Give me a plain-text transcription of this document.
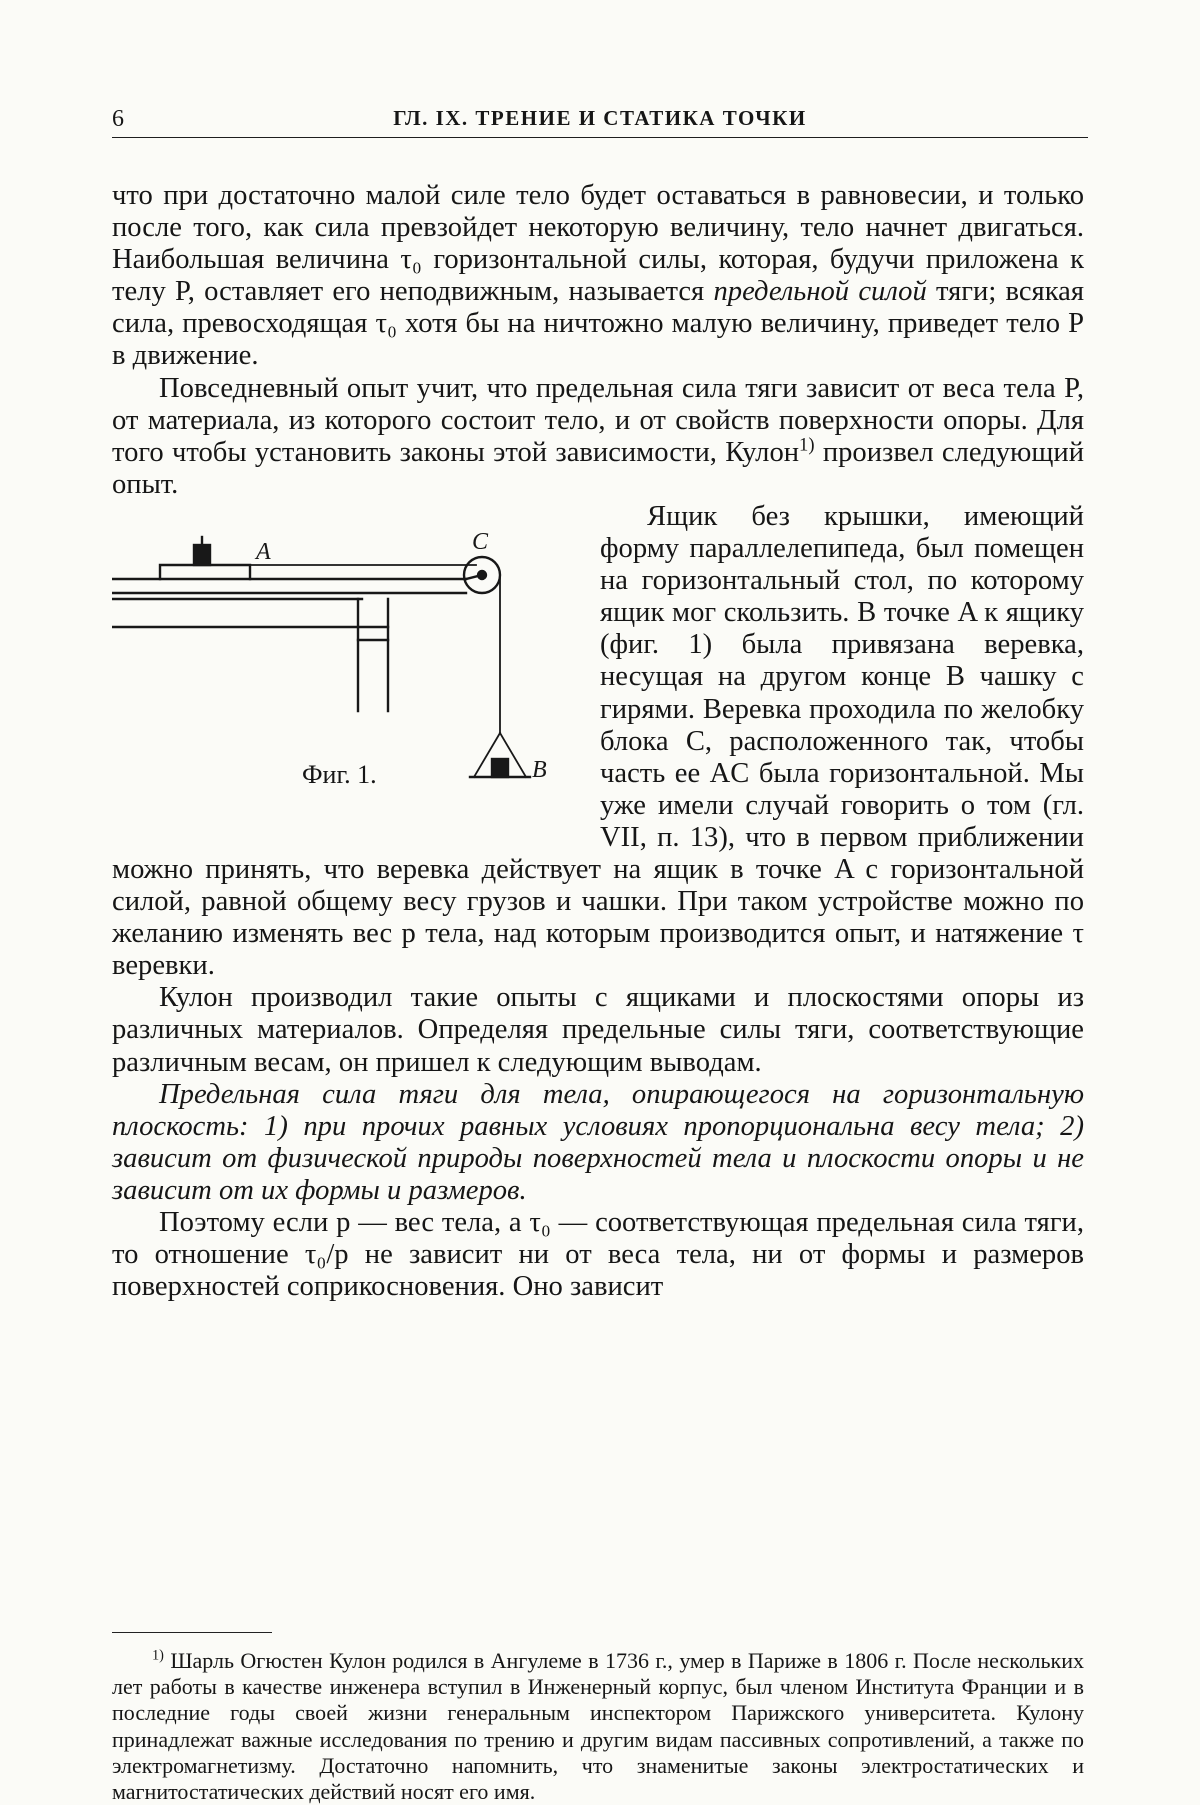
6	ГЛ. IX. ТРЕНИЕ И СТАТИКА ТОЧКИ

что при достаточно малой силе тело будет оставаться в равновесии, и только после того, как сила превзойдет некоторую величину, тело начнет двигаться. Наибольшая величина τ₀ горизонтальной силы, которая, будучи приложена к телу P, оставляет его неподвижным, называется предельной силой тяги; всякая сила, превосходящая τ₀ хотя бы на ничтожно малую величину, приведет тело P в движение.

Повседневный опыт учит, что предельная сила тяги зависит от веса тела P, от материала, из которого состоит тело, и от свойств поверхности опоры. Для того чтобы установить законы этой зависимости, Кулон$^{1)}$ произвел следующий опыт.

A	C
B
Фиг. 1.

Ящик без крышки, имеющий форму параллелепипеда, был помещен на горизонтальный стол, по которому ящик мог скользить. В точке A к ящику (фиг. 1) была привязана веревка, несущая на другом конце B чашку с гирями. Веревка проходила по желобку блока C, расположенного так, чтобы часть ее AC была горизонтальной. Мы уже имели случай говорить о том (гл. VII, п. 13), что в первом приближении можно принять, что веревка действует на ящик в точке A с горизонтальной силой, равной общему весу грузов и чашки. При таком устройстве можно по желанию изменять вес p тела, над которым производится опыт, и натяжение τ веревки.

Кулон производил такие опыты с ящиками и плоскостями опоры из различных материалов. Определяя предельные силы тяги, соответствующие различным весам, он пришел к следующим выводам.

Предельная сила тяги для тела, опирающегося на горизонтальную плоскость: 1) при прочих равных условиях пропорциональна весу тела; 2) зависит от физической природы поверхностей тела и плоскости опоры и не зависит от их формы и размеров.

Поэтому если p — вес тела, а τ₀ — соответствующая предельная сила тяги, то отношение τ₀/p не зависит ни от веса тела, ни от формы и размеров поверхностей соприкосновения. Оно зависит

$^{1)}$ Шарль Огюстен Кулон родился в Ангулеме в 1736 г., умер в Париже в 1806 г. После нескольких лет работы в качестве инженера вступил в Инженерный корпус, был членом Института Франции и в последние годы своей жизни генеральным инспектором Парижского университета. Кулону принадлежат важные исследования по трению и другим видам пассивных сопротивлений, а также по электромагнетизму. Достаточно напомнить, что знаменитые законы электростатических и магнитостатических действий носят его имя.
